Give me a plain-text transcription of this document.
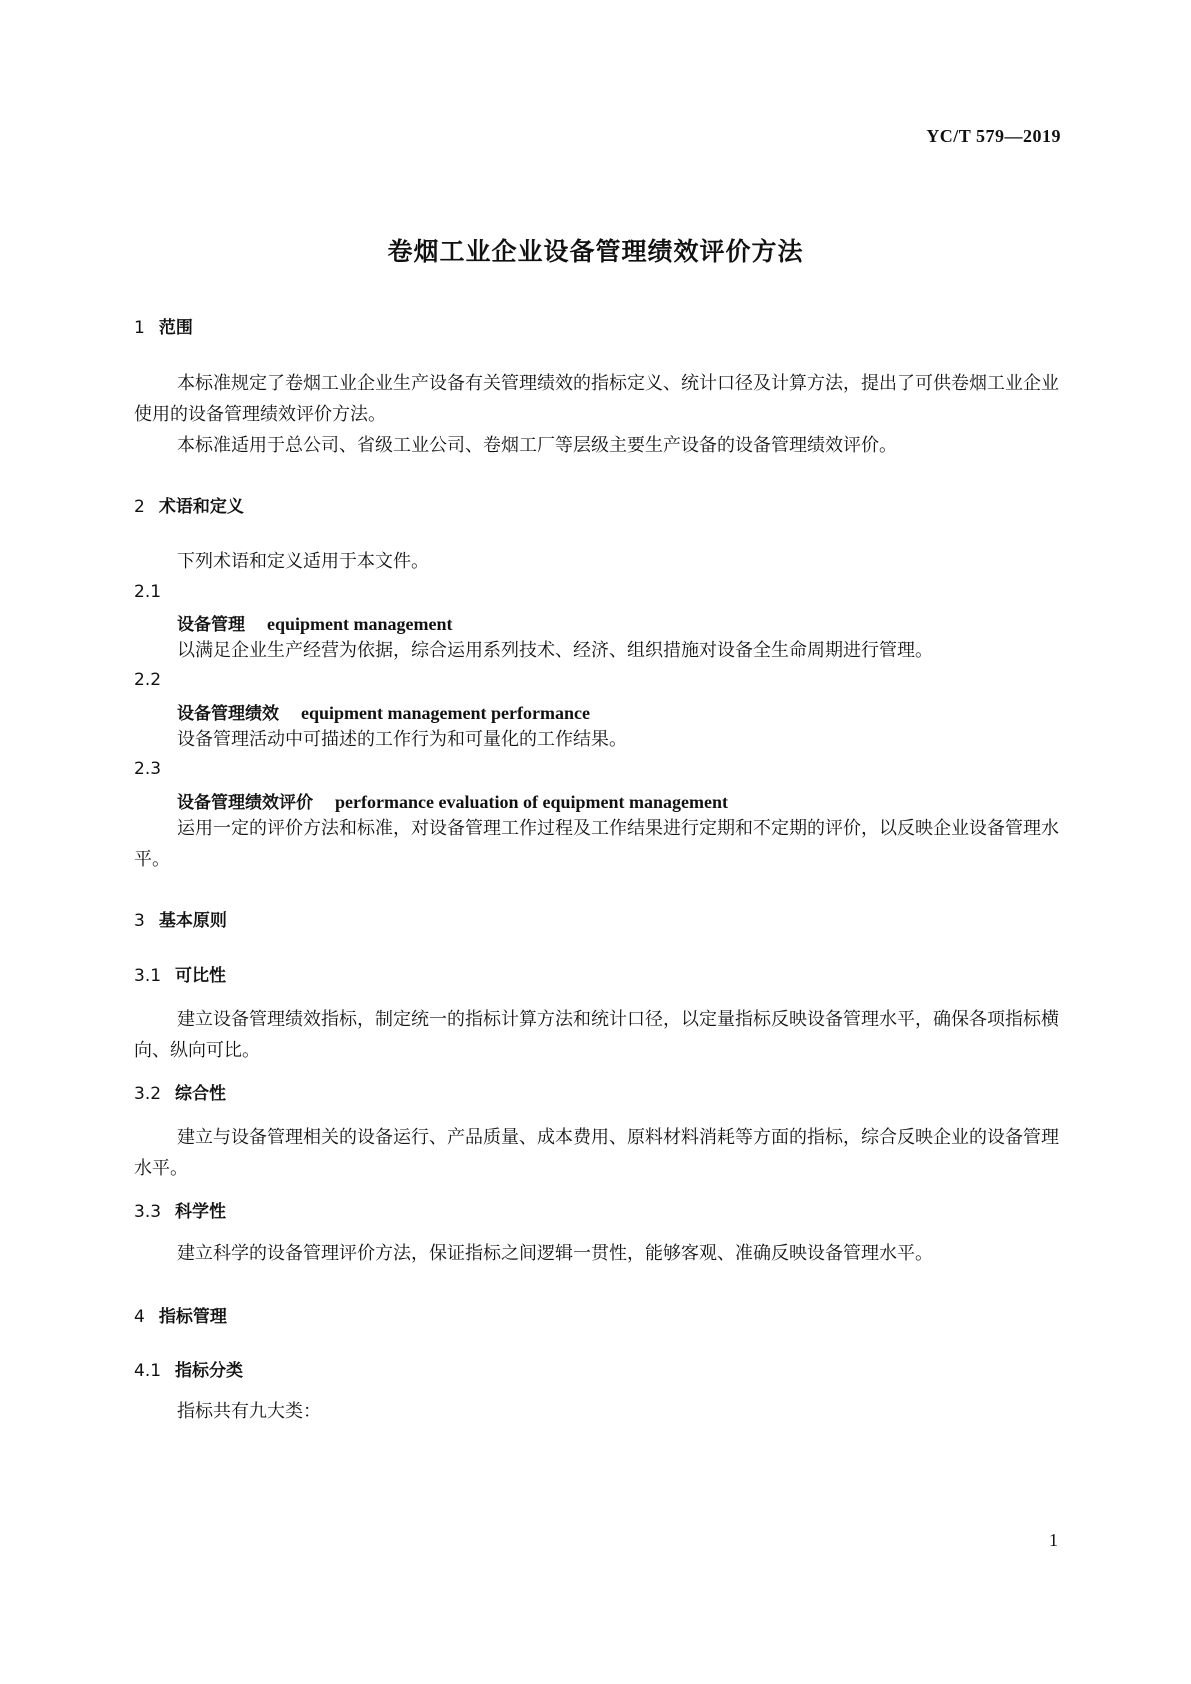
YC/T 579—2019
卷烟工业企业设备管理绩效评价方法
1 范围
本标准规定了卷烟工业企业生产设备有关管理绩效的指标定义、统计口径及计算方法，提出了可供卷烟工业企业使用的设备管理绩效评价方法。
本标准适用于总公司、省级工业公司、卷烟工厂等层级主要生产设备的设备管理绩效评价。
2 术语和定义
下列术语和定义适用于本文件。
2.1
设备管理 equipment management
以满足企业生产经营为依据，综合运用系列技术、经济、组织措施对设备全生命周期进行管理。
2.2
设备管理绩效 equipment management performance
设备管理活动中可描述的工作行为和可量化的工作结果。
2.3
设备管理绩效评价 performance evaluation of equipment management
运用一定的评价方法和标准，对设备管理工作过程及工作结果进行定期和不定期的评价，以反映企业设备管理水平。
3 基本原则
3.1 可比性
建立设备管理绩效指标，制定统一的指标计算方法和统计口径，以定量指标反映设备管理水平，确保各项指标横向、纵向可比。
3.2 综合性
建立与设备管理相关的设备运行、产品质量、成本费用、原料材料消耗等方面的指标，综合反映企业的设备管理水平。
3.3 科学性
建立科学的设备管理评价方法，保证指标之间逻辑一贯性，能够客观、准确反映设备管理水平。
4 指标管理
4.1 指标分类
指标共有九大类：
1
